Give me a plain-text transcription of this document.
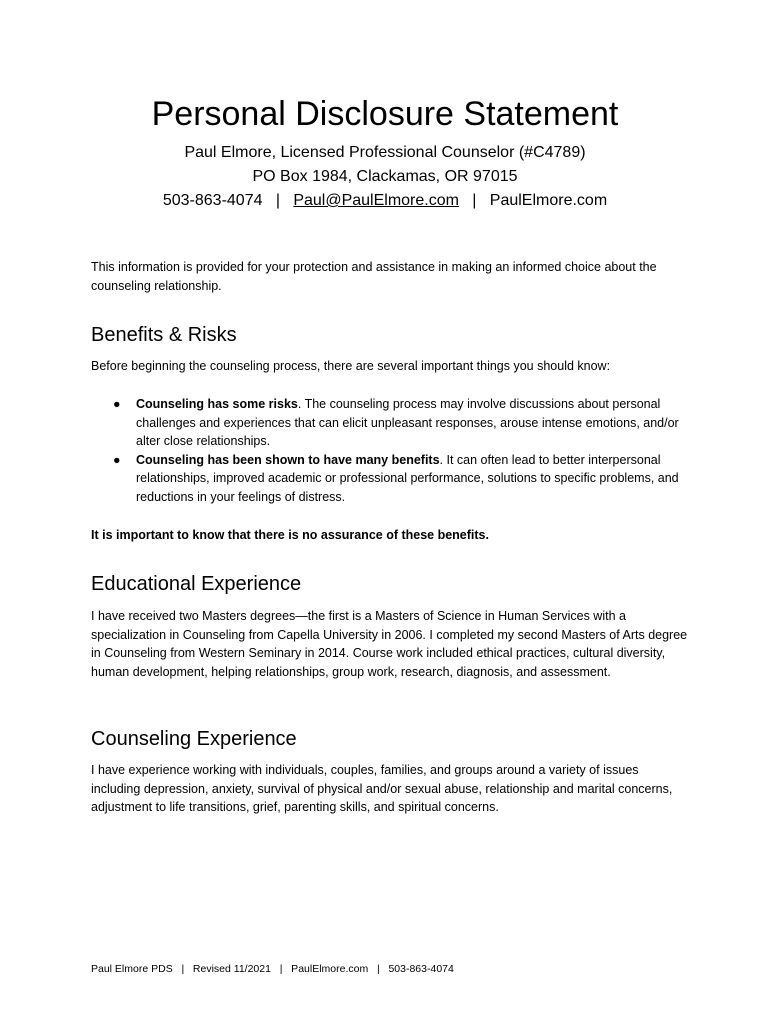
Personal Disclosure Statement
Paul Elmore, Licensed Professional Counselor (#C4789)
PO Box 1984, Clackamas, OR 97015
503-863-4074   |   Paul@PaulElmore.com   |   PaulElmore.com

This information is provided for your protection and assistance in making an informed choice about the counseling relationship.

Benefits & Risks

Before beginning the counseling process, there are several important things you should know:

● Counseling has some risks. The counseling process may involve discussions about personal challenges and experiences that can elicit unpleasant responses, arouse intense emotions, and/or alter close relationships.
● Counseling has been shown to have many benefits. It can often lead to better interpersonal relationships, improved academic or professional performance, solutions to specific problems, and reductions in your feelings of distress.

It is important to know that there is no assurance of these benefits.

Educational Experience

I have received two Masters degrees—the first is a Masters of Science in Human Services with a specialization in Counseling from Capella University in 2006. I completed my second Masters of Arts degree in Counseling from Western Seminary in 2014. Course work included ethical practices, cultural diversity, human development, helping relationships, group work, research, diagnosis, and assessment.

Counseling Experience

I have experience working with individuals, couples, families, and groups around a variety of issues including depression, anxiety, survival of physical and/or sexual abuse, relationship and marital concerns, adjustment to life transitions, grief, parenting skills, and spiritual concerns.

Paul Elmore PDS   |   Revised 11/2021   |   PaulElmore.com   |   503-863-4074
